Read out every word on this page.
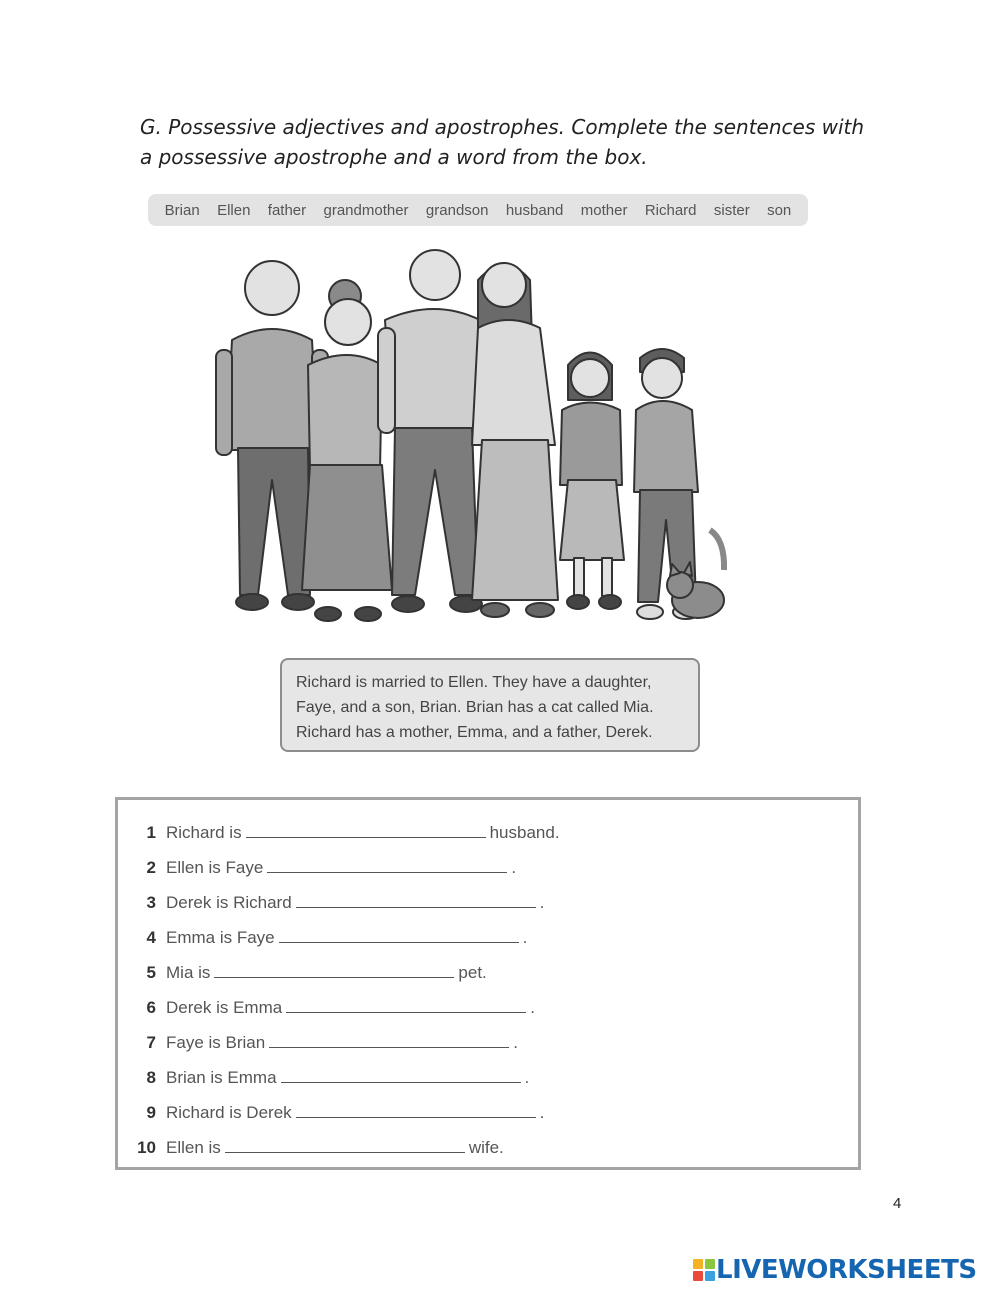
G. Possessive adjectives and apostrophes. Complete the sentences with a possessive apostrophe and a word from the box.

Brian Ellen father grandmother grandson husband mother Richard sister son
Richard is married to Ellen. They have a daughter,
Faye, and a son, Brian. Brian has a cat called Mia.
Richard has a mother, Emma, and a father, Derek.
1 Richard is	husband.
2 Ellen is Faye	.
3 Derek is Richard	.
4 Emma is Faye	.
5 Mia is	pet.
6 Derek is Emma	.
7 Faye is Brian	.
8 Brian is Emma	.
9 Richard is Derek	.
10 Ellen is	wife.
4
LIVEWORKSHEETS
